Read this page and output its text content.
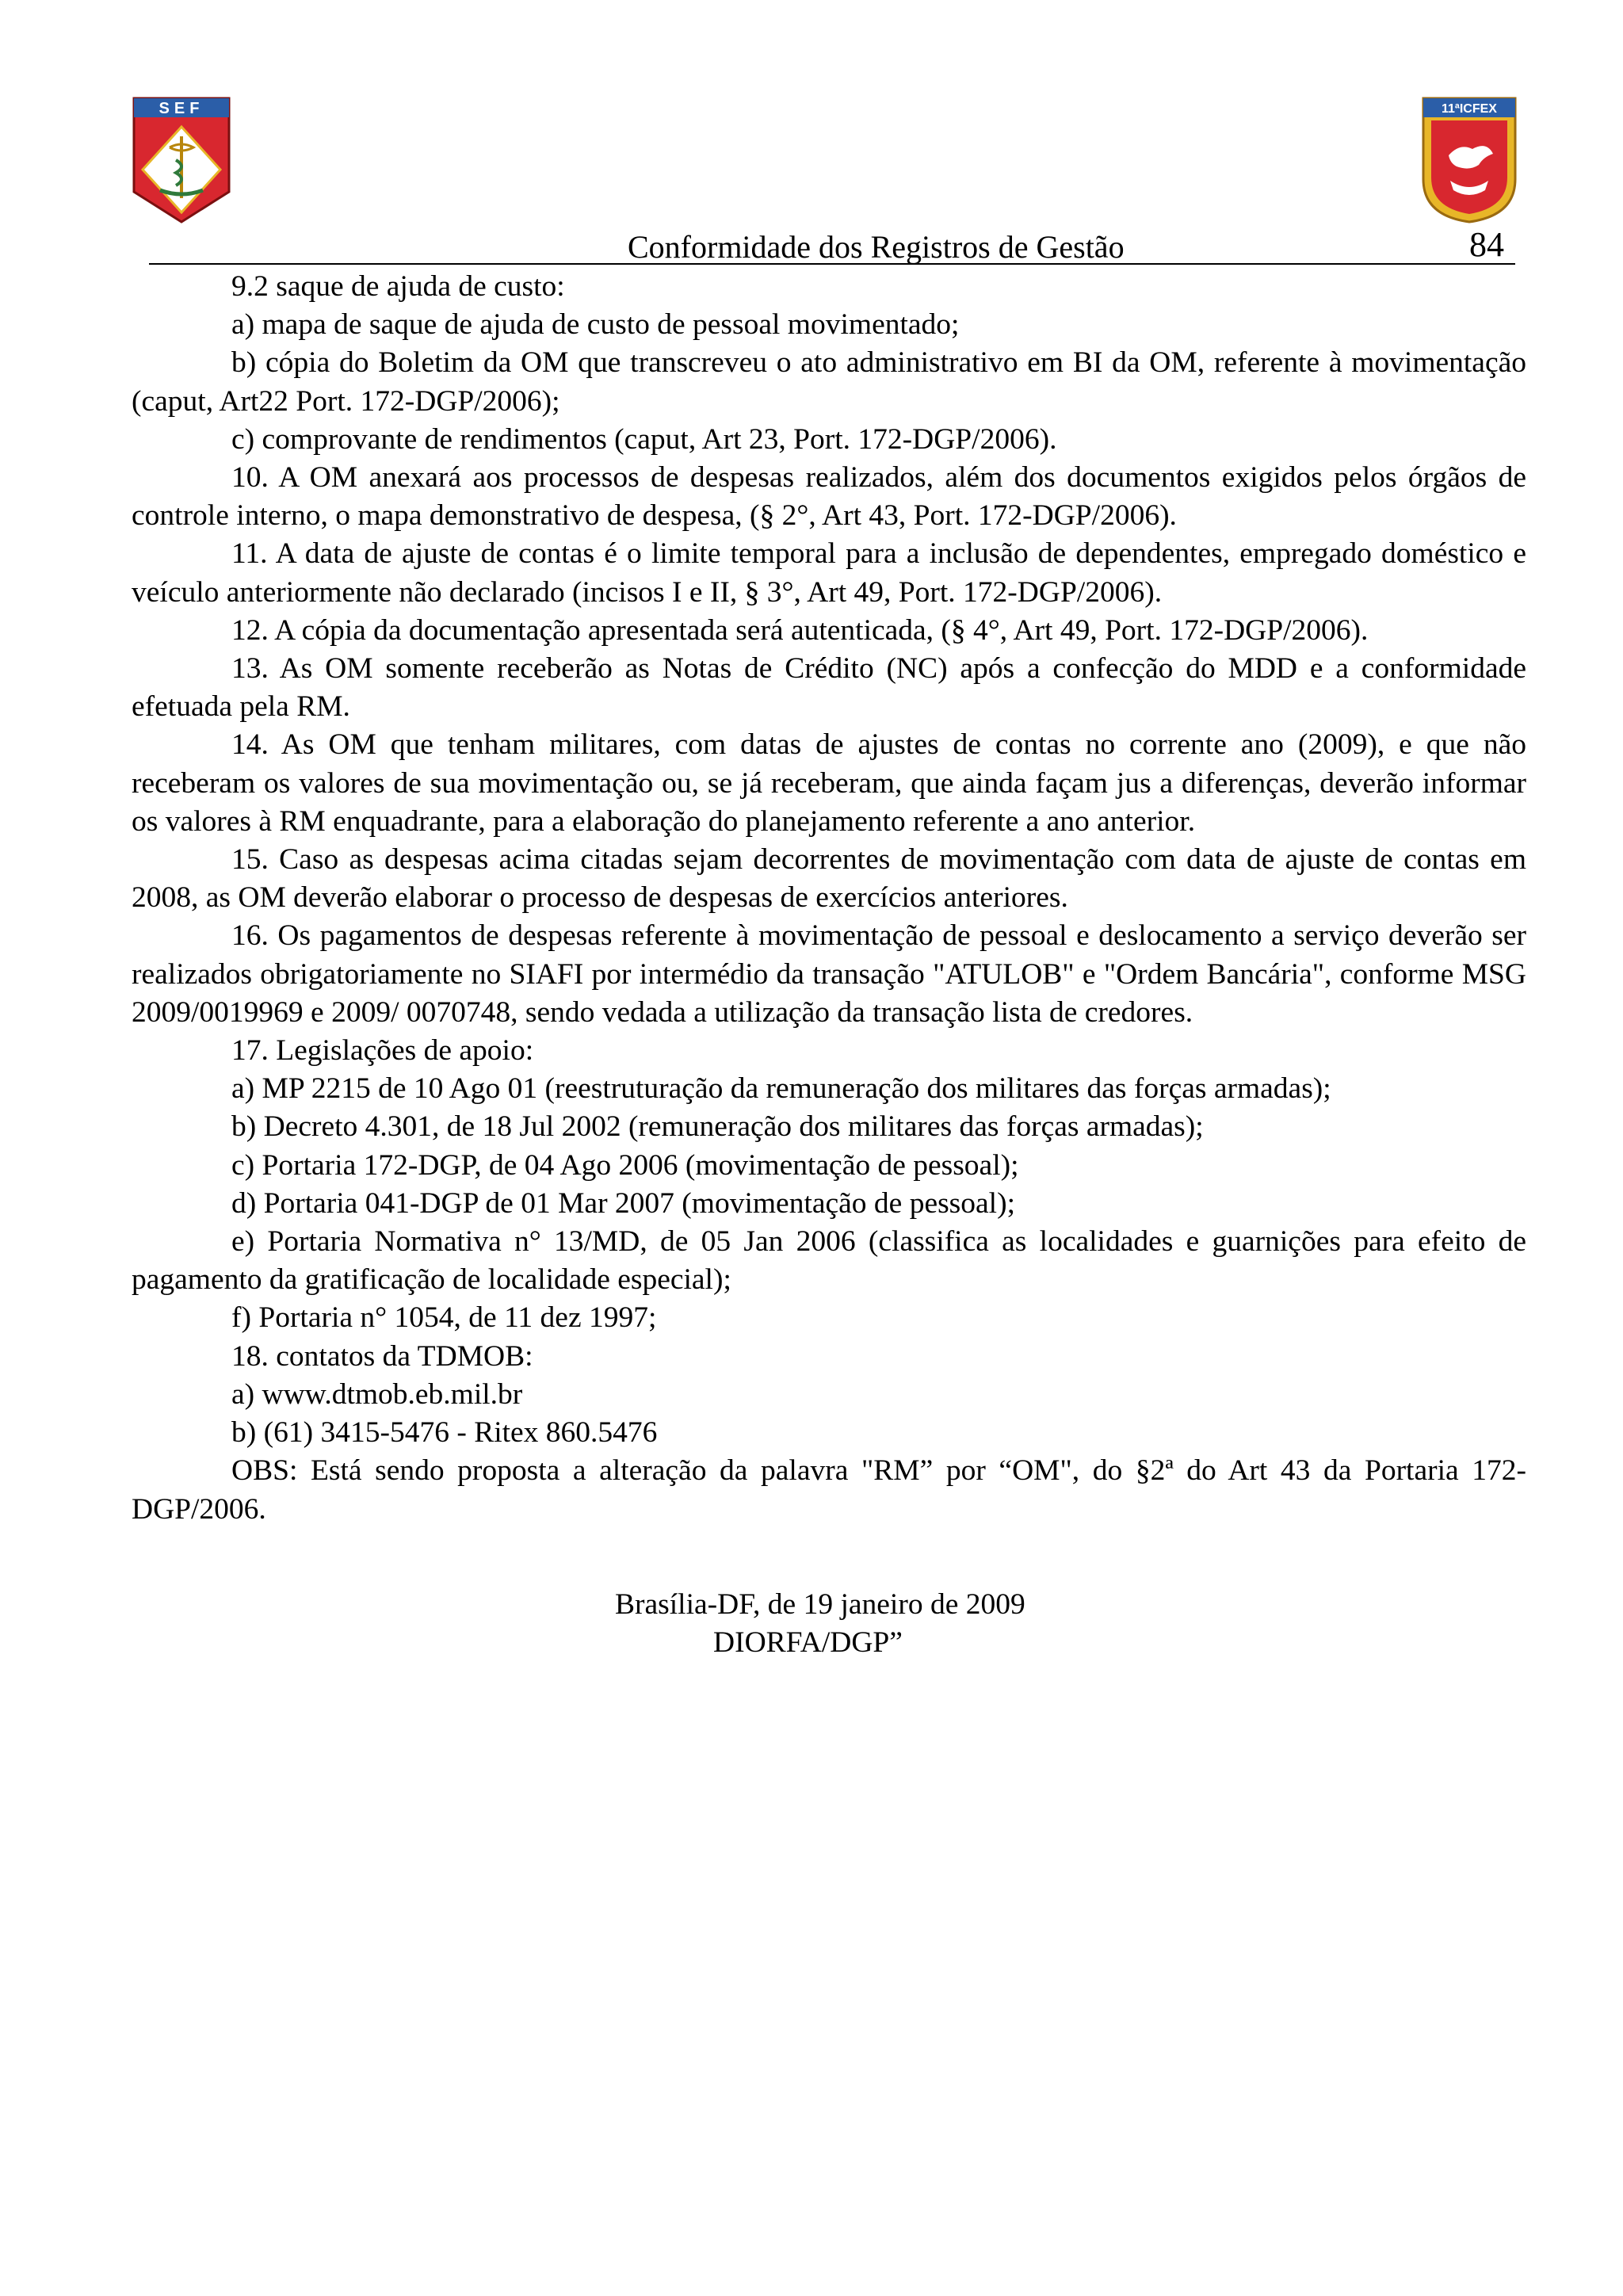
SEF	11ªICFEX
Conformidade dos Registros de Gestão	84

9.2 saque de ajuda de custo:

a) mapa de saque de ajuda de custo de pessoal movimentado;

b) cópia do Boletim da OM que transcreveu o ato administrativo em BI da OM, referente à movimentação (caput, Art22 Port. 172-DGP/2006);

c) comprovante de rendimentos (caput, Art 23, Port. 172-DGP/2006).

10. A OM anexará aos processos de despesas realizados, além dos documentos exigidos pelos órgãos de controle interno, o mapa demonstrativo de despesa, (§ 2°, Art 43, Port. 172-DGP/2006).

11. A data de ajuste de contas é o limite temporal para a inclusão de dependentes, empregado doméstico e veículo anteriormente não declarado (incisos I e II, § 3°, Art 49, Port. 172-DGP/2006).

12. A cópia da documentação apresentada será autenticada, (§ 4°, Art 49, Port. 172-DGP/2006).

13. As OM somente receberão as Notas de Crédito (NC) após a confecção do MDD e a conformidade efetuada pela RM.

14. As OM que tenham militares, com datas de ajustes de contas no corrente ano (2009), e que não receberam os valores de sua movimentação ou, se já receberam, que ainda façam jus a diferenças, deverão informar os valores à RM enquadrante, para a elaboração do planejamento referente a ano anterior.

15. Caso as despesas acima citadas sejam decorrentes de movimentação com data de ajuste de contas em 2008, as OM deverão elaborar o processo de despesas de exercícios anteriores.

16. Os pagamentos de despesas referente à movimentação de pessoal e deslocamento a serviço deverão ser realizados obrigatoriamente no SIAFI por intermédio da transação "ATULOB" e "Ordem Bancária", conforme MSG 2009/0019969 e 2009/ 0070748, sendo vedada a utilização da transação lista de credores.

17. Legislações de apoio:

a) MP 2215 de 10 Ago 01 (reestruturação da remuneração dos militares das forças armadas);

b) Decreto 4.301, de 18 Jul 2002 (remuneração dos militares das forças armadas);

c) Portaria 172-DGP, de 04 Ago 2006 (movimentação de pessoal);

d) Portaria 041-DGP de 01 Mar 2007 (movimentação de pessoal);

e) Portaria Normativa n° 13/MD, de 05 Jan 2006 (classifica as localidades e guarnições para efeito de pagamento da gratificação de localidade especial);

f) Portaria n° 1054, de 11 dez 1997;

18. contatos da TDMOB:

a) www.dtmob.eb.mil.br

b) (61) 3415-5476 - Ritex 860.5476

OBS: Está sendo proposta a alteração da palavra "RM” por “OM", do §2ª do Art 43 da Portaria 172-DGP/2006.

Brasília-DF, de 19 janeiro de 2009
DIORFA/DGP”
